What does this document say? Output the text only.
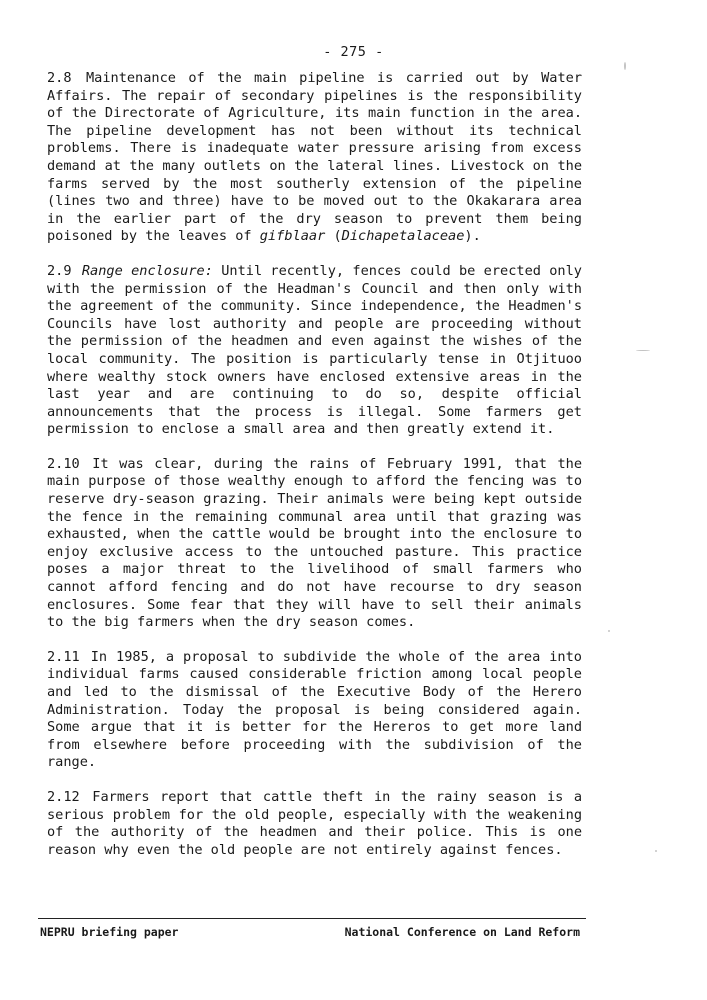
- 275 -

2.8 Maintenance of the main pipeline is carried out by Water Affairs. The repair of secondary pipelines is the responsibility of the Directorate of Agriculture, its main function in the area. The pipeline development has not been without its technical problems. There is inadequate water pressure arising from excess demand at the many outlets on the lateral lines. Livestock on the farms served by the most southerly extension of the pipeline (lines two and three) have to be moved out to the Okakarara area in the earlier part of the dry season to prevent them being poisoned by the leaves of gifblaar (Dichapetalaceae).

2.9 Range enclosure: Until recently, fences could be erected only with the permission of the Headman's Council and then only with the agreement of the community. Since independence, the Headmen's Councils have lost authority and people are proceeding without the permission of the headmen and even against the wishes of the local community. The position is particularly tense in Otjituoo where wealthy stock owners have enclosed extensive areas in the last year and are continuing to do so, despite official announcements that the process is illegal. Some farmers get permission to enclose a small area and then greatly extend it.

2.10 It was clear, during the rains of February 1991, that the main purpose of those wealthy enough to afford the fencing was to reserve dry-season grazing. Their animals were being kept outside the fence in the remaining communal area until that grazing was exhausted, when the cattle would be brought into the enclosure to enjoy exclusive access to the untouched pasture. This practice poses a major threat to the livelihood of small farmers who cannot afford fencing and do not have recourse to dry season enclosures. Some fear that they will have to sell their animals to the big farmers when the dry season comes.

2.11 In 1985, a proposal to subdivide the whole of the area into individual farms caused considerable friction among local people and led to the dismissal of the Executive Body of the Herero Administration. Today the proposal is being considered again. Some argue that it is better for the Hereros to get more land from elsewhere before proceeding with the subdivision of the range.

2.12 Farmers report that cattle theft in the rainy season is a serious problem for the old people, especially with the weakening of the authority of the headmen and their police. This is one reason why even the old people are not entirely against fences.

NEPRU briefing paper	National Conference on Land Reform
